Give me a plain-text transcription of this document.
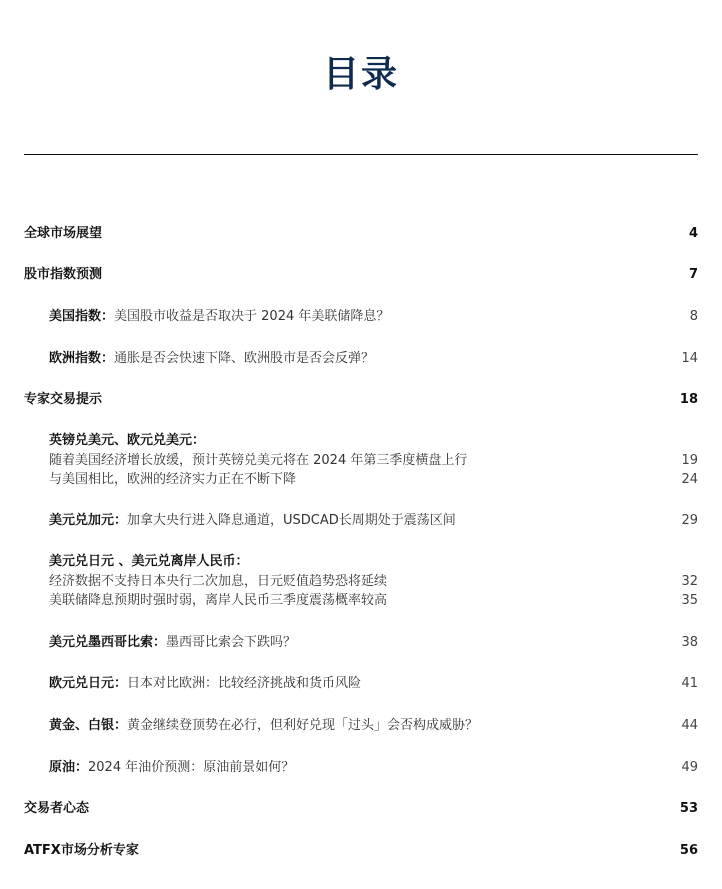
目录
全球市场展望	4
股市指数预测	7
美国指数：美国股市收益是否取决于 2024 年美联储降息？	8
欧洲指数：通胀是否会快速下降、欧洲股市是否会反弹？	14
专家交易提示	18
英镑兑美元、欧元兑美元：
随着美国经济增长放缓，预计英镑兑美元将在 2024 年第三季度横盘上行	19
与美国相比，欧洲的经济实力正在不断下降	24
美元兑加元：加拿大央行进入降息通道，USDCAD长周期处于震荡区间	29
美元兑日元 、美元兑离岸人民币：
经济数据不支持日本央行二次加息，日元贬值趋势恐将延续	32
美联储降息预期时强时弱，离岸人民币三季度震荡概率较高	35
美元兑墨西哥比索：墨西哥比索会下跌吗？	38
欧元兑日元：日本对比欧洲：比较经济挑战和货币风险	41
黄金、白银：黄金继续登顶势在必行，但利好兑现「过头」会否构成威胁？	44
原油：2024 年油价预测：原油前景如何？	49
交易者心态	53
ATFX市场分析专家	56
